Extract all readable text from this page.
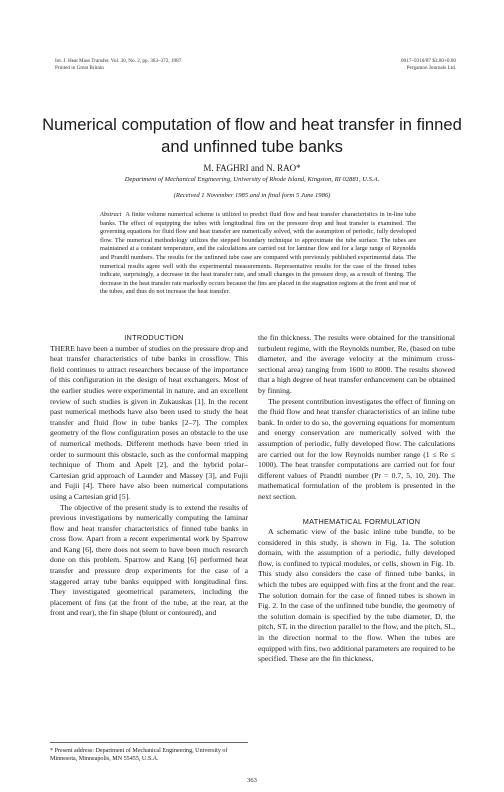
Int. J. Heat Mass Transfer. Vol. 30, No. 2, pp. 363–372, 1987
Printed in Great Britain
0017–9310/87 $3.00+0.00
Pergamon Journals Ltd.
Numerical computation of flow and heat transfer in finned and unfinned tube banks
M. FAGHRI and N. RAO*
Department of Mechanical Engineering, University of Rhode Island, Kingston, RI 02881, U.S.A.
(Received 1 November 1985 and in final form 5 June 1986)
Abstract A finite volume numerical scheme is utilized to predict fluid flow and heat transfer characteristics in in-line tube banks. The effect of equipping the tubes with longitudinal fins on the pressure drop and heat transfer is examined. The governing equations for fluid flow and heat transfer are numerically solved, with the assumption of periodic, fully developed flow. The numerical methodology utilizes the stepped boundary technique to approximate the tube surface. The tubes are maintained at a constant temperature, and the calculations are carried out for laminar flow and for a large range of Reynolds and Prandtl numbers. The results for the unfinned tube case are compared with previously published experimental data. The numerical results agree well with the experimental measurements. Representative results for the case of the finned tubes indicate, surprisingly, a decrease in the heat transfer rate, and small changes in the pressure drop, as a result of finning. The decrease in the heat transfer rate markedly occurs because the fins are placed in the stagnation regions at the front and rear of the tubes, and thus do not increase the heat transfer.

INTRODUCTION

THERE have been a number of studies on the pressure drop and heat transfer characteristics of tube banks in crossflow. This field continues to attract researchers because of the importance of this configuration in the design of heat exchangers. Most of the earlier studies were experimental in nature, and an excellent review of such studies is given in Zukauskas [1]. In the recent past numerical methods have also been used to study the heat transfer and fluid flow in tube banks [2–7]. The complex geometry of the flow configuration poses an obstacle to the use of numerical methods. Different methods have been tried in order to surmount this obstacle, such as the conformal mapping technique of Thom and Apelt [2], and the hybrid polar–Cartesian grid approach of Launder and Massey [3], and Fujii and Fujii [4]. There have also been numerical computations using a Cartesian grid [5].

The objective of the present study is to extend the results of previous investigations by numerically computing the laminar flow and heat transfer characteristics of finned tube banks in cross flow. Apart from a recent experimental work by Sparrow and Kang [6], there does not seem to have been much research done on this problem. Sparrow and Kang [6] performed heat transfer and pressure drop experiments for the case of a staggered array tube banks equipped with longitudinal fins. They investigated geometrical parameters, including the placement of fins (at the front of the tube, at the rear, at the front and rear), the fin shape (blunt or contoured), and

the fin thickness. The results were obtained for the transitional turbulent regime, with the Reynolds number, Re, (based on tube diameter, and the average velocity at the minimum cross-sectional area) ranging from 1600 to 8000. The results showed that a high degree of heat transfer enhancement can be obtained by finning.

The present contribution investigates the effect of finning on the fluid flow and heat transfer characteristics of an inline tube bank. In order to do so, the governing equations for momentum and energy conservation are numerically solved with the assumption of periodic, fully developed flow. The calculations are carried out for the low Reynolds number range (1 ≤ Re ≤ 1000). The heat transfer computations are carried out for four different values of Prandtl number (Pr = 0.7, 5, 10, 20). The mathematical formulation of the problem is presented in the next section.

MATHEMATICAL FORMULATION

A schematic view of the basic inline tube bundle, to be considered in this study, is shown in Fig. 1a. The solution domain, with the assumption of a periodic, fully developed flow, is confined to typical modules, or cells, shown in Fig. 1b. This study also considers the case of finned tube banks, in which the tubes are equipped with fins at the front and the rear. The solution domain for the case of finned tubes is shown in Fig. 2. In the case of the unfinned tube bundle, the geometry of the solution domain is specified by the tube diameter, D, the pitch, ST, in the direction parallel to the flow, and the pitch, SL, in the direction normal to the flow. When the tubes are equipped with fins, two additional parameters are required to be specified. These are the fin thickness,

* Present address: Department of Mechanical Engineering, University of Minnesota, Minneapolis, MN 55455, U.S.A.
363
